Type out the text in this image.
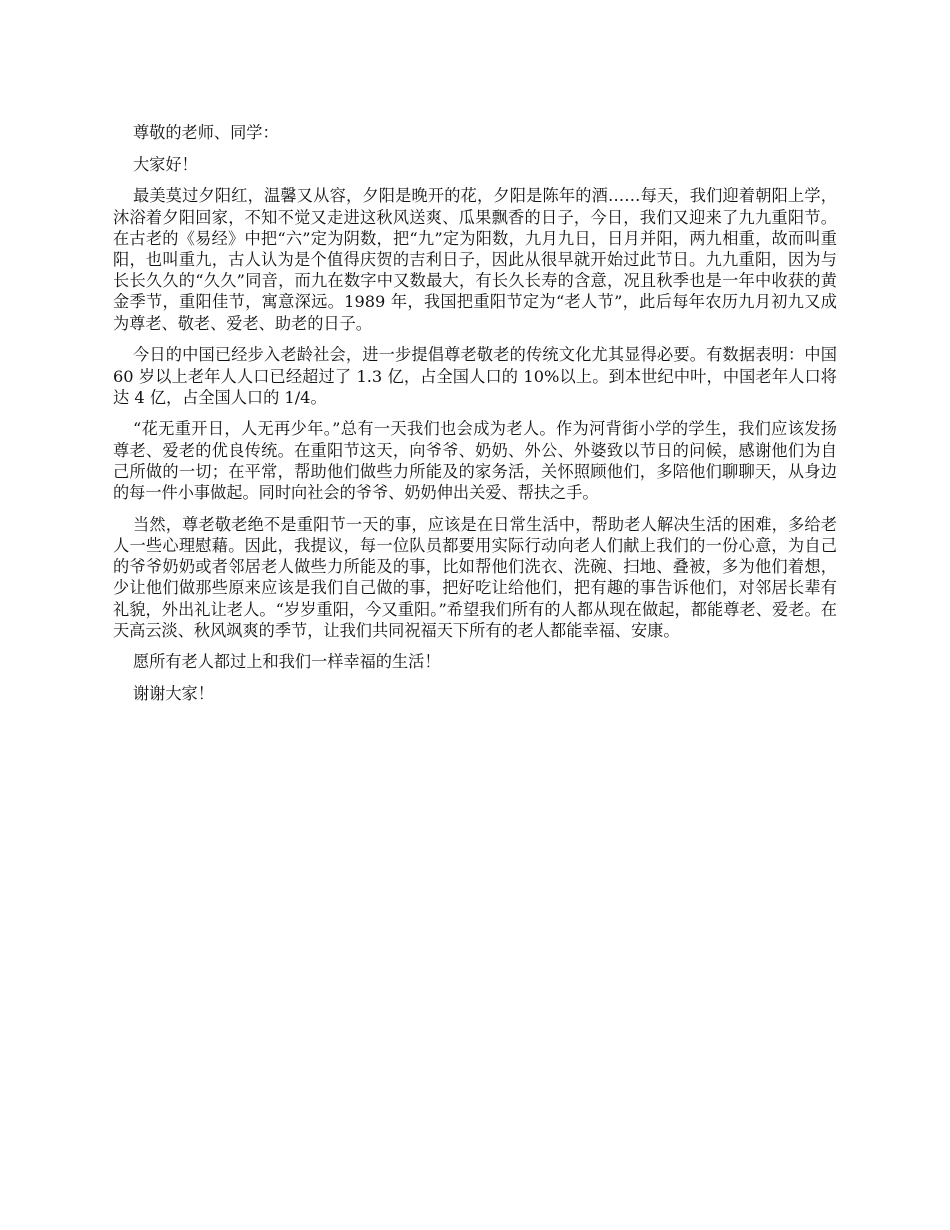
尊敬的老师、同学：

大家好！

最美莫过夕阳红，温馨又从容，夕阳是晚开的花，夕阳是陈年的酒……每天，我们迎着朝阳上学，沐浴着夕阳回家，不知不觉又走进这秋风送爽、瓜果飘香的日子，今日，我们又迎来了九九重阳节。在古老的《易经》中把“六”定为阴数，把“九”定为阳数，九月九日，日月并阳，两九相重，故而叫重阳，也叫重九，古人认为是个值得庆贺的吉利日子，因此从很早就开始过此节日。九九重阳，因为与长长久久的“久久”同音，而九在数字中又数最大，有长久长寿的含意，况且秋季也是一年中收获的黄金季节，重阳佳节，寓意深远。1989 年，我国把重阳节定为“老人节”，此后每年农历九月初九又成为尊老、敬老、爱老、助老的日子。

今日的中国已经步入老龄社会，进一步提倡尊老敬老的传统文化尤其显得必要。有数据表明：中国 60 岁以上老年人人口已经超过了 1.3 亿，占全国人口的 10%以上。到本世纪中叶，中国老年人口将达 4 亿，占全国人口的 1/4。

“花无重开日，人无再少年。”总有一天我们也会成为老人。作为河背街小学的学生，我们应该发扬尊老、爱老的优良传统。在重阳节这天，向爷爷、奶奶、外公、外婆致以节日的问候，感谢他们为自己所做的一切；在平常，帮助他们做些力所能及的家务活，关怀照顾他们，多陪他们聊聊天，从身边的每一件小事做起。同时向社会的爷爷、奶奶伸出关爱、帮扶之手。

当然，尊老敬老绝不是重阳节一天的事，应该是在日常生活中，帮助老人解决生活的困难，多给老人一些心理慰藉。因此，我提议，每一位队员都要用实际行动向老人们献上我们的一份心意，为自己的爷爷奶奶或者邻居老人做些力所能及的事，比如帮他们洗衣、洗碗、扫地、叠被，多为他们着想，少让他们做那些原来应该是我们自己做的事，把好吃让给他们，把有趣的事告诉他们，对邻居长辈有礼貌，外出礼让老人。“岁岁重阳，今又重阳。”希望我们所有的人都从现在做起，都能尊老、爱老。在天高云淡、秋风飒爽的季节，让我们共同祝福天下所有的老人都能幸福、安康。

愿所有老人都过上和我们一样幸福的生活！

谢谢大家！
